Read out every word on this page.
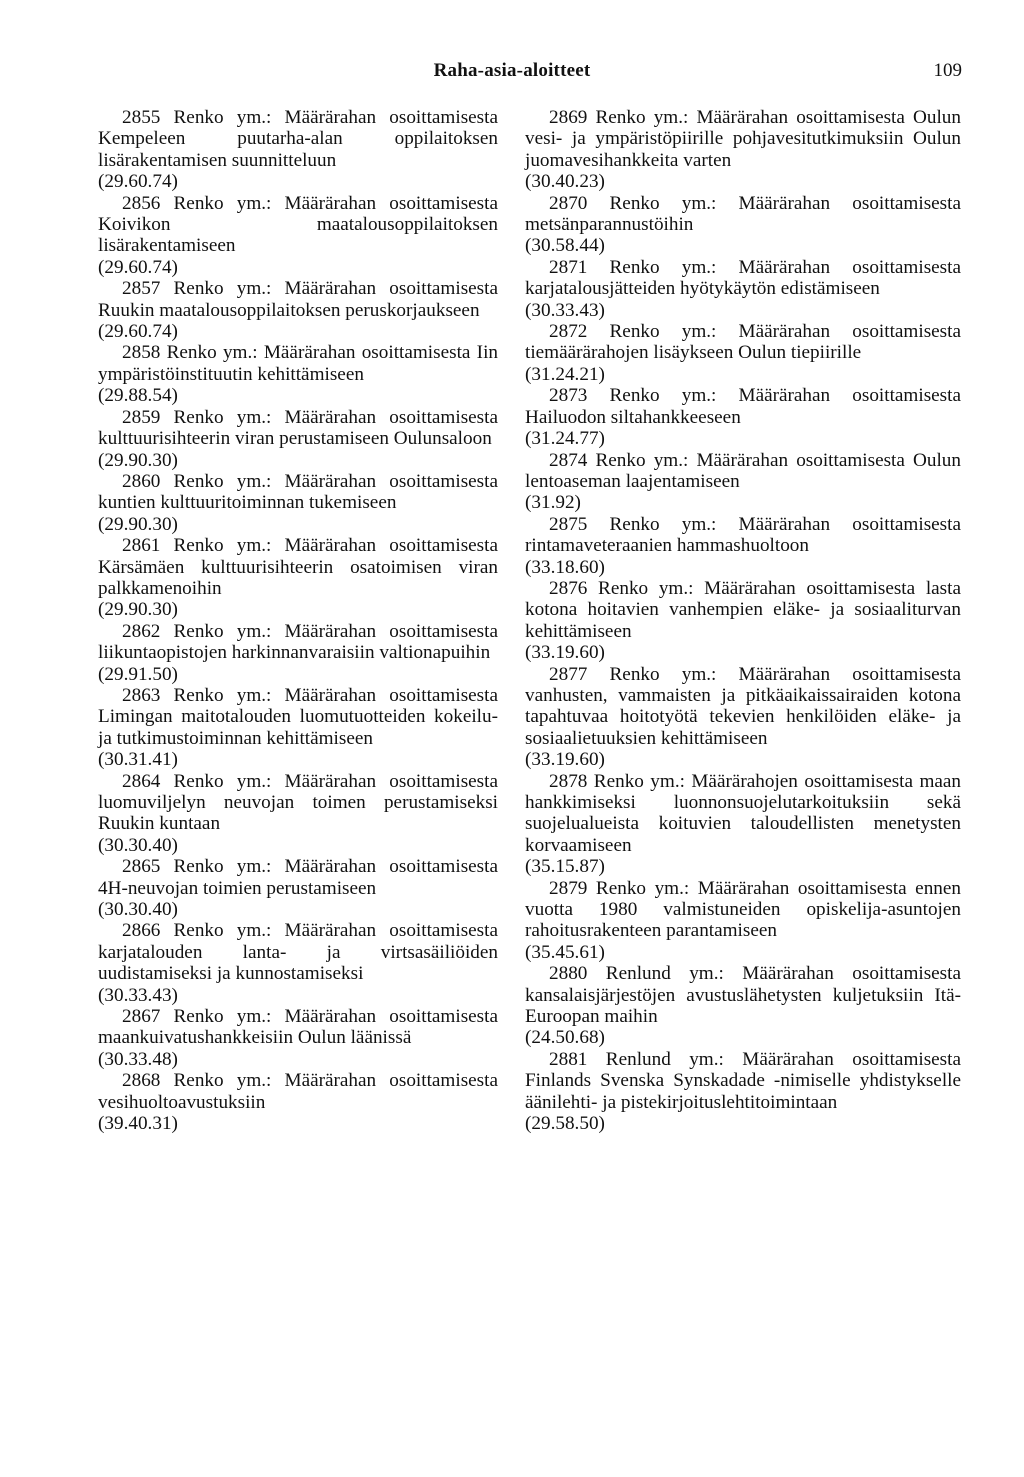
Raha-asia-aloitteet	109

2855 Renko ym.: Määrärahan osoittamisesta Kempeleen puutarha-alan oppilaitoksen lisärakentamisen suunnitteluun

(29.60.74)

2856 Renko ym.: Määrärahan osoittamisesta Koivikon maatalousoppilaitoksen lisärakentamiseen

(29.60.74)

2857 Renko ym.: Määrärahan osoittamisesta Ruukin maatalousoppilaitoksen peruskorjaukseen

(29.60.74)

2858 Renko ym.: Määrärahan osoittamisesta Iin ympäristöinstituutin kehittämiseen

(29.88.54)

2859 Renko ym.: Määrärahan osoittamisesta kulttuurisihteerin viran perustamiseen Oulunsaloon

(29.90.30)

2860 Renko ym.: Määrärahan osoittamisesta kuntien kulttuuritoiminnan tukemiseen

(29.90.30)

2861 Renko ym.: Määrärahan osoittamisesta Kärsämäen kulttuurisihteerin osatoimisen viran palkkamenoihin

(29.90.30)

2862 Renko ym.: Määrärahan osoittamisesta liikuntaopistojen harkinnanvaraisiin valtionapuihin

(29.91.50)

2863 Renko ym.: Määrärahan osoittamisesta Limingan maitotalouden luomutuotteiden kokeilu- ja tutkimustoiminnan kehittämiseen

(30.31.41)

2864 Renko ym.: Määrärahan osoittamisesta luomuviljelyn neuvojan toimen perustamiseksi Ruukin kuntaan

(30.30.40)

2865 Renko ym.: Määrärahan osoittamisesta 4H-neuvojan toimien perustamiseen

(30.30.40)

2866 Renko ym.: Määrärahan osoittamisesta karjatalouden lanta- ja virtsasäiliöiden uudistamiseksi ja kunnostamiseksi

(30.33.43)

2867 Renko ym.: Määrärahan osoittamisesta maankuivatushankkeisiin Oulun läänissä

(30.33.48)

2868 Renko ym.: Määrärahan osoittamisesta vesihuoltoavustuksiin

(39.40.31)

2869 Renko ym.: Määrärahan osoittamisesta Oulun vesi- ja ympäristöpiirille pohjavesitutkimuksiin Oulun juomavesihankkeita varten

(30.40.23)

2870 Renko ym.: Määrärahan osoittamisesta metsänparannustöihin

(30.58.44)

2871 Renko ym.: Määrärahan osoittamisesta karjatalousjätteiden hyötykäytön edistämiseen

(30.33.43)

2872 Renko ym.: Määrärahan osoittamisesta tiemäärärahojen lisäykseen Oulun tiepiirille

(31.24.21)

2873 Renko ym.: Määrärahan osoittamisesta Hailuodon siltahankkeeseen

(31.24.77)

2874 Renko ym.: Määrärahan osoittamisesta Oulun lentoaseman laajentamiseen

(31.92)

2875 Renko ym.: Määrärahan osoittamisesta rintamaveteraanien hammashuoltoon

(33.18.60)

2876 Renko ym.: Määrärahan osoittamisesta lasta kotona hoitavien vanhempien eläke- ja sosiaaliturvan kehittämiseen

(33.19.60)

2877 Renko ym.: Määrärahan osoittamisesta vanhusten, vammaisten ja pitkäaikaissairaiden kotona tapahtuvaa hoitotyötä tekevien henkilöiden eläke- ja sosiaalietuuksien kehittämiseen

(33.19.60)

2878 Renko ym.: Määrärahojen osoittamisesta maan hankkimiseksi luonnonsuojelutarkoituksiin sekä suojelualueista koituvien taloudellisten menetysten korvaamiseen

(35.15.87)

2879 Renko ym.: Määrärahan osoittamisesta ennen vuotta 1980 valmistuneiden opiskelija-asuntojen rahoitusrakenteen parantamiseen

(35.45.61)

2880 Renlund ym.: Määrärahan osoittamisesta kansalaisjärjestöjen avustuslähetysten kuljetuksiin Itä-Euroopan maihin

(24.50.68)

2881 Renlund ym.: Määrärahan osoittamisesta Finlands Svenska Synskadade -nimiselle yhdistykselle äänilehti- ja pistekirjoituslehtitoimintaan

(29.58.50)
